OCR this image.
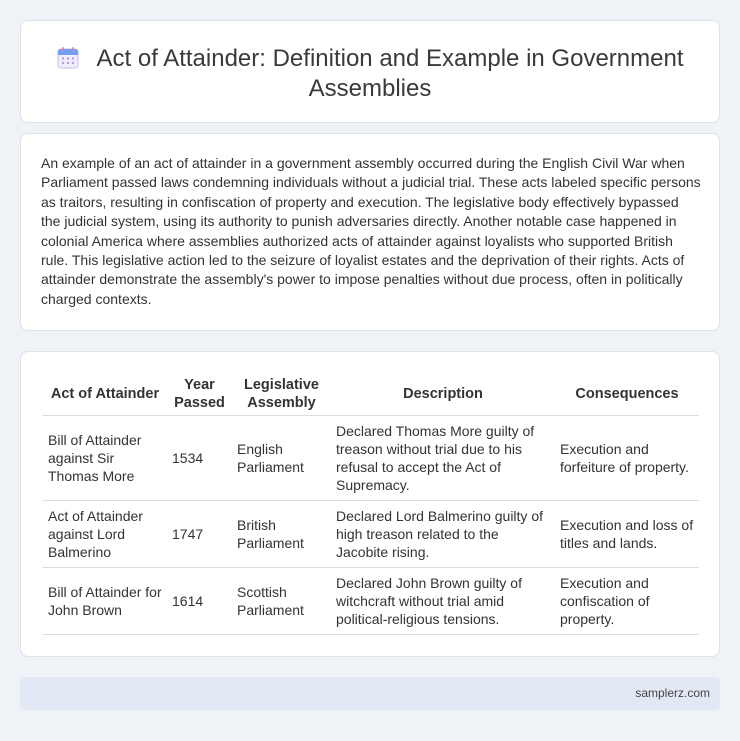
Act of Attainder: Definition and Example in Government Assemblies

An example of an act of attainder in a government assembly occurred during the English Civil War when Parliament passed laws condemning individuals without a judicial trial. These acts labeled specific persons as traitors, resulting in confiscation of property and execution. The legislative body effectively bypassed the judicial system, using its authority to punish adversaries directly. Another notable case happened in colonial America where assemblies authorized acts of attainder against loyalists who supported British rule. This legislative action led to the seizure of loyalist estates and the deprivation of their rights. Acts of attainder demonstrate the assembly's power to impose penalties without due process, often in politically charged contexts.

Act of Attainder	Year Passed	Legislative Assembly	Description	Consequences
Bill of Attainder against Sir Thomas More	1534	English Parliament	Declared Thomas More guilty of treason without trial due to his refusal to accept the Act of Supremacy.	Execution and forfeiture of property.
Act of Attainder against Lord Balmerino	1747	British Parliament	Declared Lord Balmerino guilty of high treason related to the Jacobite rising.	Execution and loss of titles and lands.
Bill of Attainder for John Brown	1614	Scottish Parliament	Declared John Brown guilty of witchcraft without trial amid political-religious tensions.	Execution and confiscation of property.
samplerz.com
